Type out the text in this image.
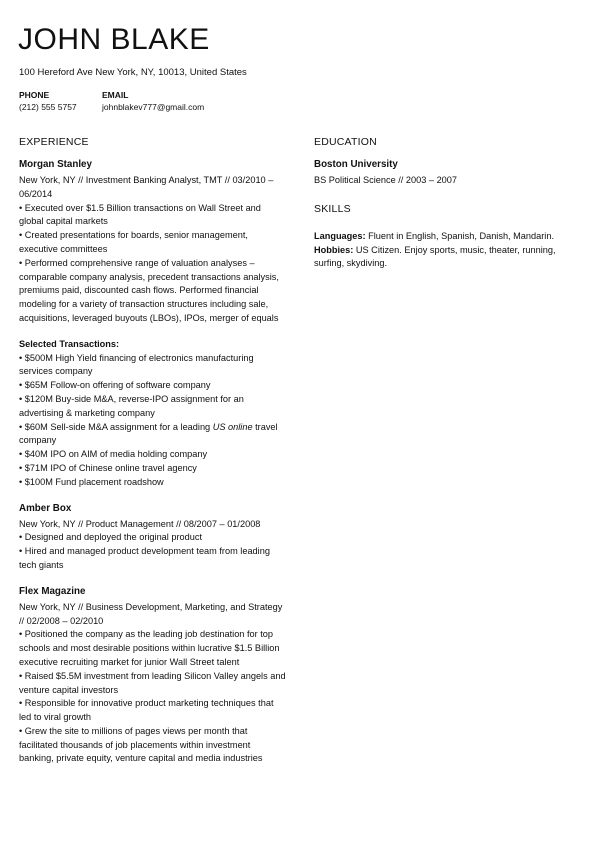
JOHN BLAKE
100 Hereford Ave New York, NY, 10013, United States
PHONE
(212) 555 5757
EMAIL
johnblakev777@gmail.com
EXPERIENCE
Morgan Stanley
New York, NY // Investment Banking Analyst, TMT // 03/2010 – 06/2014
• Executed over $1.5 Billion transactions on Wall Street and global capital markets
• Created presentations for boards, senior management, executive committees
• Performed comprehensive range of valuation analyses – comparable company analysis, precedent transactions analysis, premiums paid, discounted cash flows. Performed financial modeling for a variety of transaction structures including sale, acquisitions, leveraged buyouts (LBOs), IPOs, merger of equals
Selected Transactions:
• $500M High Yield financing of electronics manufacturing services company
• $65M Follow-on offering of software company
• $120M Buy-side M&A, reverse-IPO assignment for an advertising & marketing company
• $60M Sell-side M&A assignment for a leading US online travel company
• $40M IPO on AIM of media holding company
• $71M IPO of Chinese online travel agency
• $100M Fund placement roadshow
Amber Box
New York, NY // Product Management // 08/2007 – 01/2008
• Designed and deployed the original product
• Hired and managed product development team from leading tech giants
Flex Magazine
New York, NY // Business Development, Marketing, and Strategy // 02/2008 – 02/2010
• Positioned the company as the leading job destination for top schools and most desirable positions within lucrative $1.5 Billion executive recruiting market for junior Wall Street talent
• Raised $5.5M investment from leading Silicon Valley angels and venture capital investors
• Responsible for innovative product marketing techniques that led to viral growth
• Grew the site to millions of pages views per month that facilitated thousands of job placements within investment banking, private equity, venture capital and media industries
EDUCATION
Boston University
BS Political Science // 2003 – 2007
SKILLS
Languages: Fluent in English, Spanish, Danish, Mandarin.
Hobbies: US Citizen. Enjoy sports, music, theater, running, surfing, skydiving.
